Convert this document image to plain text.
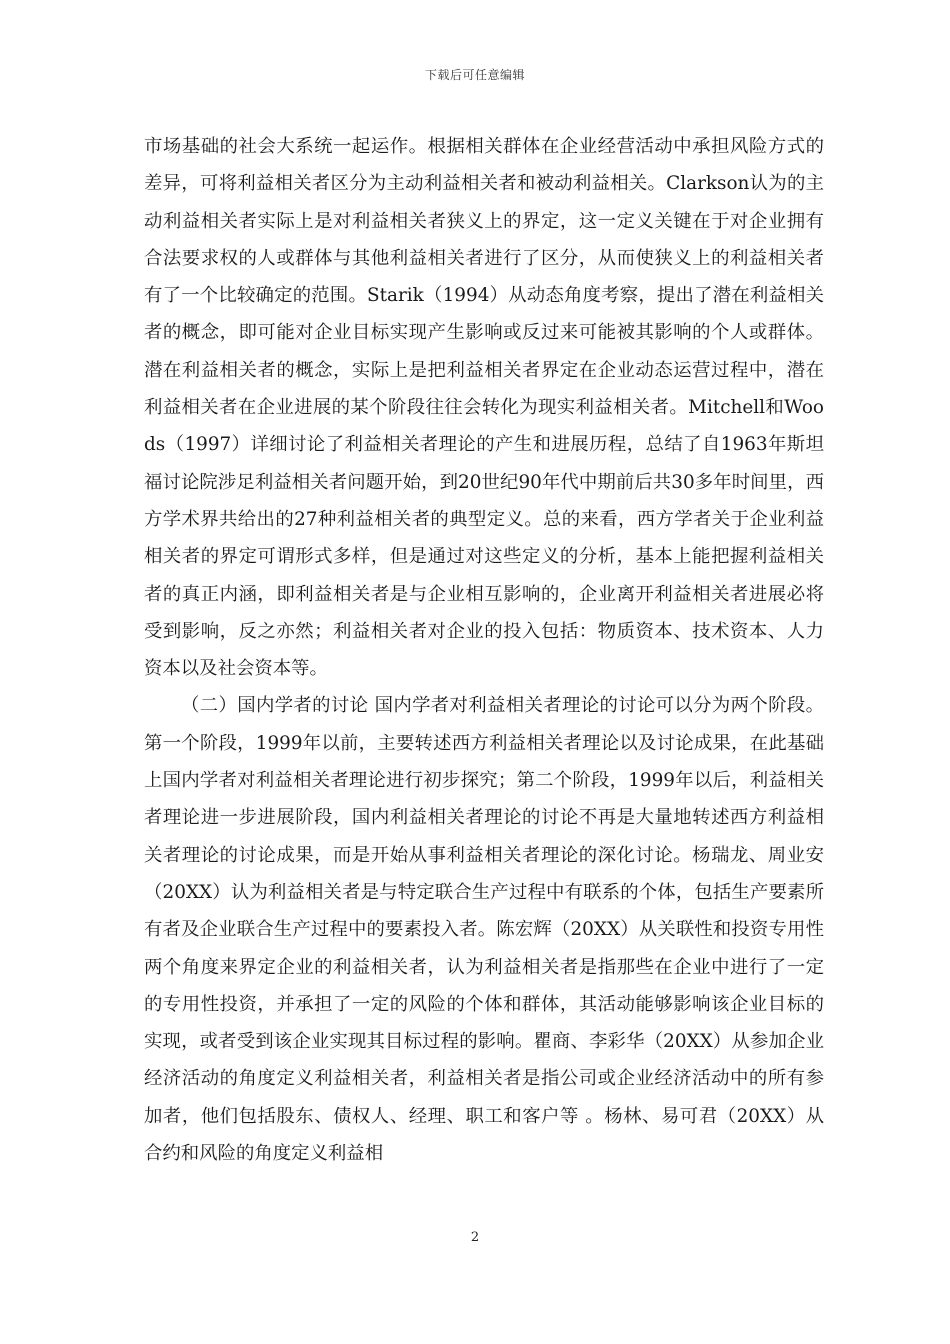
下载后可任意编辑

市场基础的社会大系统一起运作。根据相关群体在企业经营活动中承担风险方式的差异，可将利益相关者区分为主动利益相关者和被动利益相关。Clarkson认为的主动利益相关者实际上是对利益相关者狭义上的界定，这一定义关键在于对企业拥有合法要求权的人或群体与其他利益相关者进行了区分，从而使狭义上的利益相关者有了一个比较确定的范围。Starik（1994）从动态角度考察，提出了潜在利益相关者的概念，即可能对企业目标实现产生影响或反过来可能被其影响的个人或群体。潜在利益相关者的概念，实际上是把利益相关者界定在企业动态运营过程中，潜在利益相关者在企业进展的某个阶段往往会转化为现实利益相关者。Mitchell和Woods（1997）详细讨论了利益相关者理论的产生和进展历程，总结了自1963年斯坦福讨论院涉足利益相关者问题开始，到20世纪90年代中期前后共30多年时间里，西方学术界共给出的27种利益相关者的典型定义。总的来看，西方学者关于企业利益相关者的界定可谓形式多样，但是通过对这些定义的分析，基本上能把握利益相关者的真正内涵，即利益相关者是与企业相互影响的，企业离开利益相关者进展必将受到影响，反之亦然；利益相关者对企业的投入包括：物质资本、技术资本、人力资本以及社会资本等。

（二）国内学者的讨论 国内学者对利益相关者理论的讨论可以分为两个阶段。第一个阶段，1999年以前，主要转述西方利益相关者理论以及讨论成果，在此基础上国内学者对利益相关者理论进行初步探究；第二个阶段，1999年以后，利益相关者理论进一步进展阶段，国内利益相关者理论的讨论不再是大量地转述西方利益相关者理论的讨论成果，而是开始从事利益相关者理论的深化讨论。杨瑞龙、周业安（20XX）认为利益相关者是与特定联合生产过程中有联系的个体，包括生产要素所有者及企业联合生产过程中的要素投入者。陈宏辉（20XX）从关联性和投资专用性两个角度来界定企业的利益相关者，认为利益相关者是指那些在企业中进行了一定的专用性投资，并承担了一定的风险的个体和群体，其活动能够影响该企业目标的实现，或者受到该企业实现其目标过程的影响。瞿商、李彩华（20XX）从参加企业经济活动的角度定义利益相关者，利益相关者是指公司或企业经济活动中的所有参加者，他们包括股东、债权人、经理、职工和客户等 。杨林、易可君（20XX）从合约和风险的角度定义利益相

2
